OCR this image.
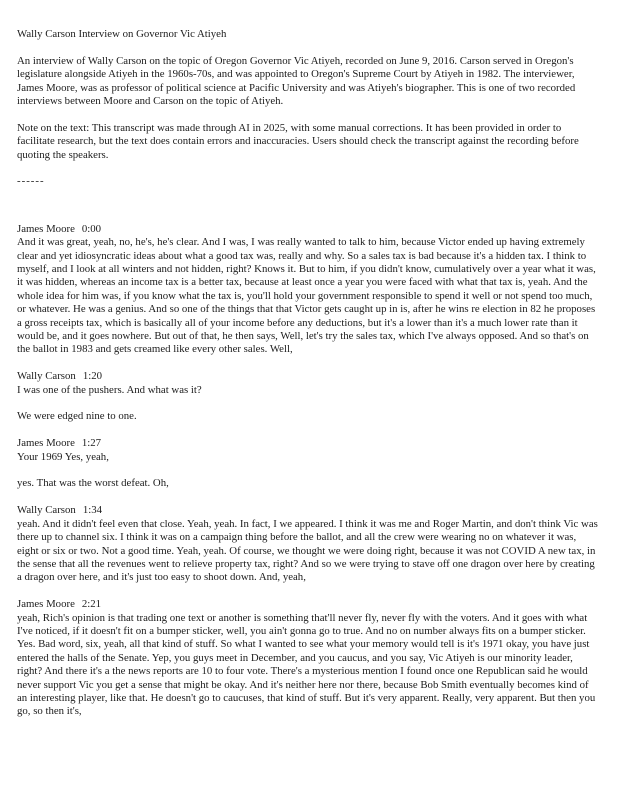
Wally Carson Interview on Governor Vic Atiyeh

An interview of Wally Carson on the topic of Oregon Governor Vic Atiyeh, recorded on June 9, 2016. Carson served in Oregon's legislature alongside Atiyeh in the 1960s-70s, and was appointed to Oregon's Supreme Court by Atiyeh in 1982. The interviewer, James Moore, was as professor of political science at Pacific University and was Atiyeh's biographer. This is one of two recorded interviews between Moore and Carson on the topic of Atiyeh.

Note on the text: This transcript was made through AI in 2025, with some manual corrections. It has been provided in order to facilitate research, but the text does contain errors and inaccuracies. Users should check the transcript against the recording before quoting the speakers.

------

James Moore 0:00

And it was great, yeah, no, he's, he's clear. And I was, I was really wanted to talk to him, because Victor ended up having extremely clear and yet idiosyncratic ideas about what a good tax was, really and why. So a sales tax is bad because it's a hidden tax. I think to myself, and I look at all winters and not hidden, right? Knows it. But to him, if you didn't know, cumulatively over a year what it was, it was hidden, whereas an income tax is a better tax, because at least once a year you were faced with what that tax is, yeah. And the whole idea for him was, if you know what the tax is, you'll hold your government responsible to spend it well or not spend too much, or whatever. He was a genius. And so one of the things that that Victor gets caught up in is, after he wins re election in 82 he proposes a gross receipts tax, which is basically all of your income before any deductions, but it's a lower than it's a much lower rate than it would be, and it goes nowhere. But out of that, he then says, Well, let's try the sales tax, which I've always opposed. And so that's on the ballot in 1983 and gets creamed like every other sales. Well,

Wally Carson 1:20

I was one of the pushers. And what was it?

We were edged nine to one.

James Moore 1:27

Your 1969 Yes, yeah,

yes. That was the worst defeat. Oh,

Wally Carson 1:34

yeah. And it didn't feel even that close. Yeah, yeah. In fact, I we appeared. I think it was me and Roger Martin, and don't think Vic was there up to channel six. I think it was on a campaign thing before the ballot, and all the crew were wearing no on whatever it was, eight or six or two. Not a good time. Yeah, yeah. Of course, we thought we were doing right, because it was not COVID A new tax, in the sense that all the revenues went to relieve property tax, right? And so we were trying to stave off one dragon over here by creating a dragon over here, and it's just too easy to shoot down. And, yeah,

James Moore 2:21

yeah, Rich's opinion is that trading one text or another is something that'll never fly, never fly with the voters. And it goes with what I've noticed, if it doesn't fit on a bumper sticker, well, you ain't gonna go to true. And no on number always fits on a bumper sticker. Yes. Bad word, six, yeah, all that kind of stuff. So what I wanted to see what your memory would tell is it's 1971 okay, you have just entered the halls of the Senate. Yep, you guys meet in December, and you caucus, and you say, Vic Atiyeh is our minority leader, right? And there it's a the news reports are 10 to four vote. There's a mysterious mention I found once one Republican said he would never support Vic you get a sense that might be okay. And it's neither here nor there, because Bob Smith eventually becomes kind of an interesting player, like that. He doesn't go to caucuses, that kind of stuff. But it's very apparent. Really, very apparent. But then you go, so then it's,
